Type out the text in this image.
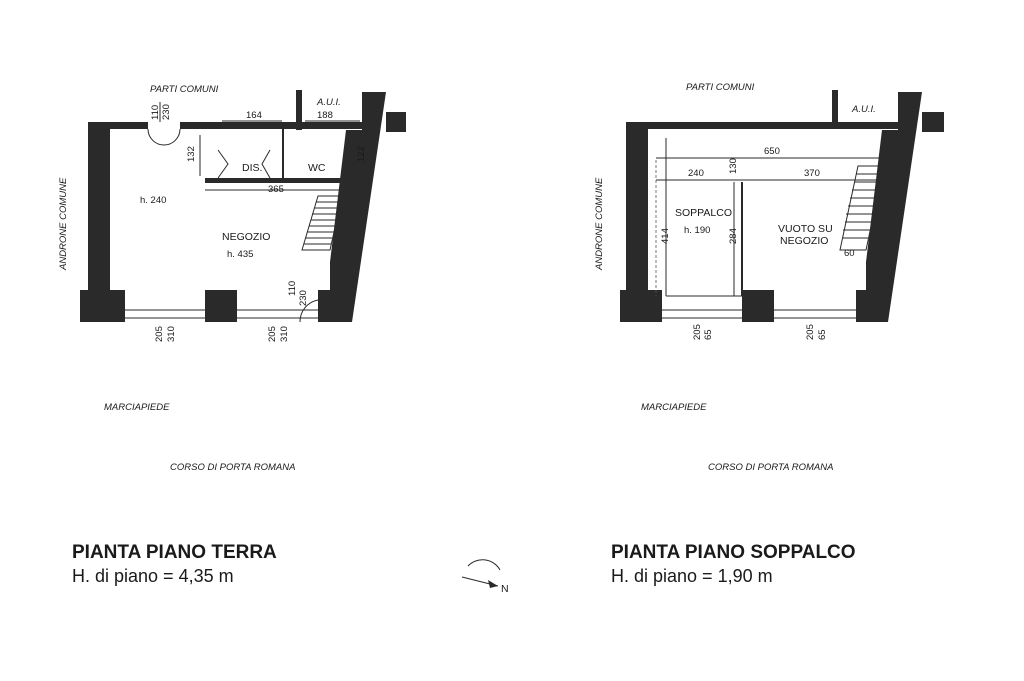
PARTI COMUNI
A.U.I.
ANDRONE COMUNE
MARCIAPIEDE
CORSO DI PORTA ROMANA
DIS.	WC
NEGOZIO
h. 240
h. 435
164	188
365
132	122
110 230
110
230
205 310	205 310
PARTI COMUNI
A.U.I.
ANDRONE COMUNE
MARCIAPIEDE
CORSO DI PORTA ROMANA
SOPPALCO
h. 190	VUOTO SU
NEGOZIO
650
240	370
130
414	284
60
205 65	205 65
N
PIANTA PIANO TERRA
H. di piano = 4,35 m
PIANTA PIANO SOPPALCO
H. di piano = 1,90 m
